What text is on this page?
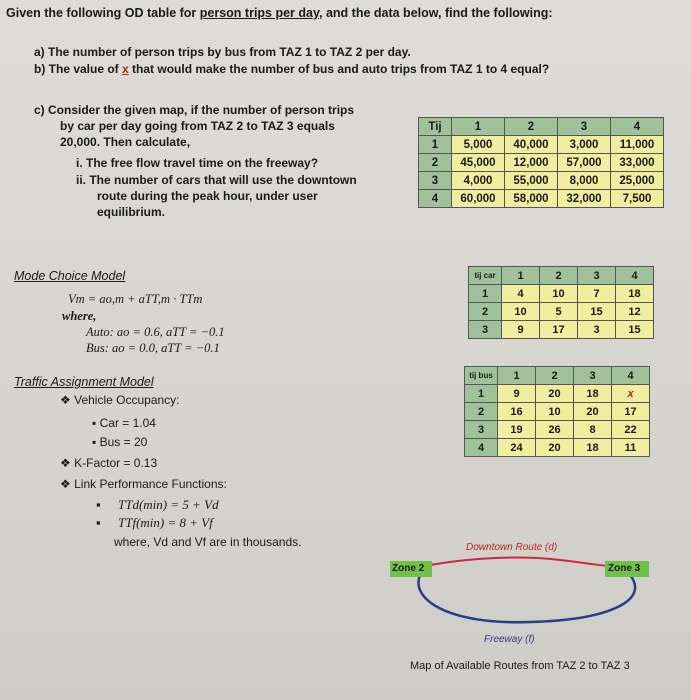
Given the following OD table for person trips per day, and the data below, find the following:
a) The number of person trips by bus from TAZ 1 to TAZ 2 per day.
b) The value of x that would make the number of bus and auto trips from TAZ 1 to 4 equal?
c) Consider the given map, if the number of person trips
by car per day going from TAZ 2 to TAZ 3 equals
20,000. Then calculate,
i. The free flow travel time on the freeway?
ii. The number of cars that will use the downtown
route during the peak hour, under user
equilibrium.
Tij	1	2	3	4
1	5,000	40,000	3,000	11,000
2	45,000	12,000	57,000	33,000
3	4,000	55,000	8,000	25,000
4	60,000	58,000	32,000	7,500
Mode Choice Model
Vm = ao,m + aTT,m · TTm
where,
Auto: ao = 0.6, aTT = −0.1
Bus: ao = 0.0, aTT = −0.1
tij car	1	2	3	4
1	4	10	7	18
2	10	5	15	12
3	9	17	3	15
tij bus	1	2	3	4
1	9	20	18	x
2	16	10	20	17
3	19	26	8	22
4	24	20	18	11
Traffic Assignment Model
❖ Vehicle Occupancy:
▪ Car = 1.04
▪ Bus = 20
❖ K-Factor = 0.13
❖ Link Performance Functions:
▪ TTd(min) = 5 + Vd
▪ TTf(min) = 8 + Vf
where, Vd and Vf are in thousands.	Downtown Route (d)
Zone 2	Zone 3
Freeway (f)
Map of Available Routes from TAZ 2 to TAZ 3
